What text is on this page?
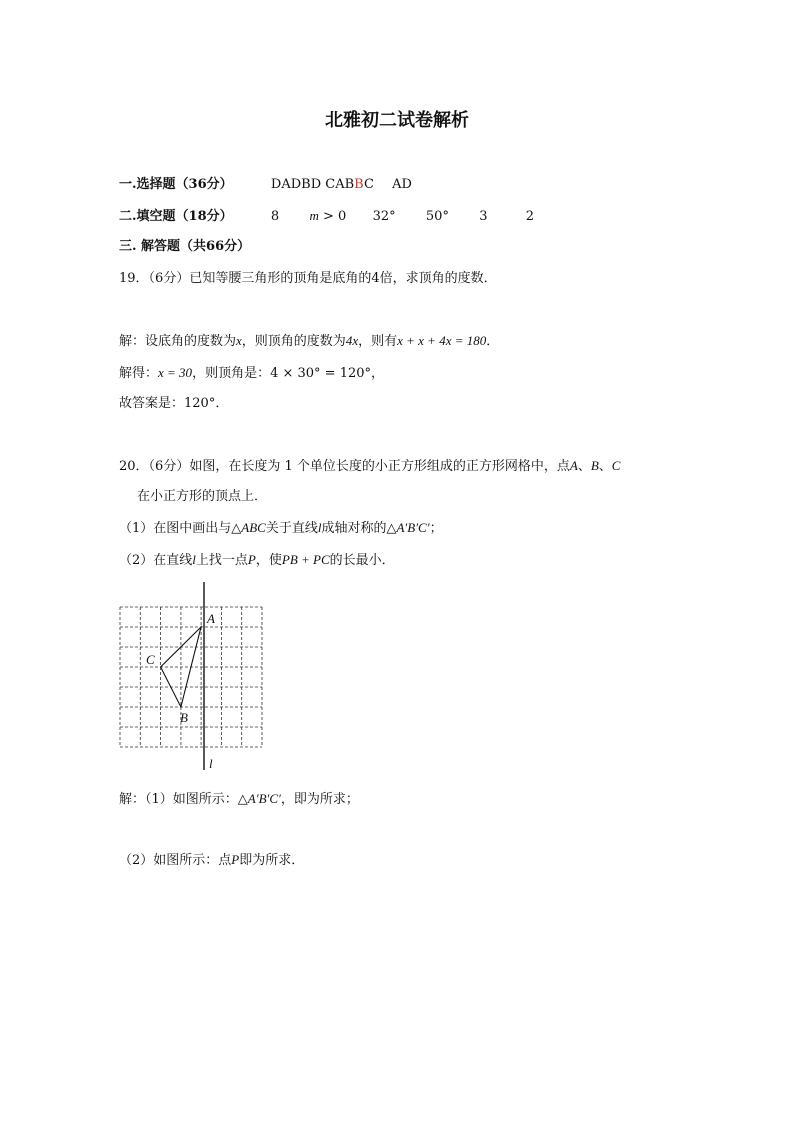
北雅初二试卷解析
一.选择题（36分）	DADBD CABBC AD
二.填空题（18分）	8 m > 0 32° 50° 3	2
三. 解答题（共66分）
19．（6分）已知等腰三角形的顶角是底角的4倍，求顶角的度数．
解：设底角的度数为x，则顶角的度数为4x，则有x + x + 4x = 180．
解得：x = 30，则顶角是：4 × 30° = 120°，
故答案是：120°．
20．（6分）如图，在长度为 1 个单位长度的小正方形组成的正方形网格中，点A、B、C
在小正方形的顶点上．
（1）在图中画出与△ABC关于直线l成轴对称的△A′B′C′；
（2）在直线l上找一点P，使PB + PC的长最小．
A
C
B
l
解：（1）如图所示：△A′B′C′，即为所求；
（2）如图所示：点P即为所求．
